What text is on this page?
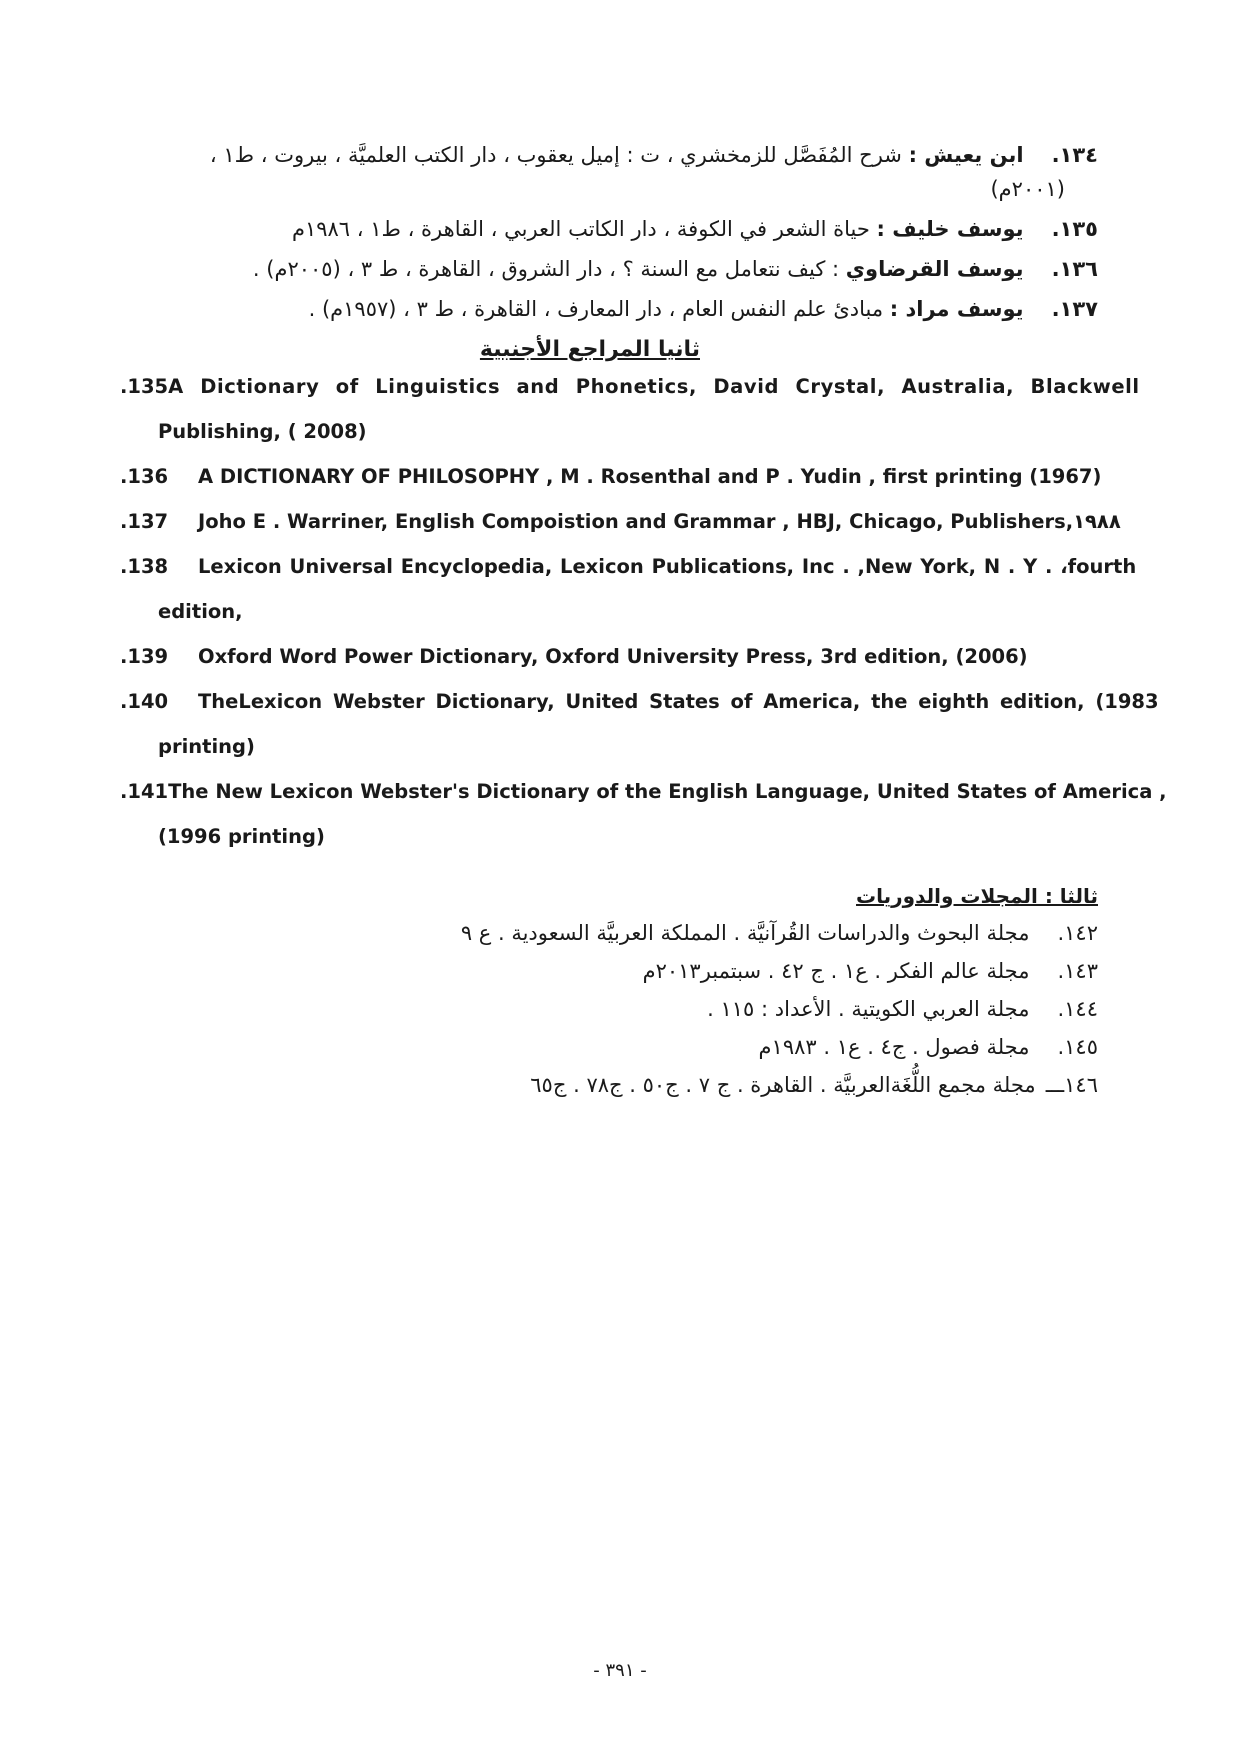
١٣٤.ابن يعيش : شرح المُفَصَّل للزمخشري ، ت : إميل يعقوب ، دار الكتب العلميَّة ، بيروت ، ط١ ،
(٢٠٠١م)
١٣٥.يوسف خليف : حياة الشعر في الكوفة ، دار الكاتب العربي ، القاهرة ، ط١ ، ١٩٨٦م
١٣٦.يوسف القرضاوي : كيف نتعامل مع السنة ؟ ، دار الشروق ، القاهرة ، ط ٣ ، (٢٠٠٥م) .
١٣٧.يوسف مراد : مبادئ علم النفس العام ، دار المعارف ، القاهرة ، ط ٣ ، (١٩٥٧م) .
ثانيا المراجع الأجنبية
.135 A Dictionary of Linguistics and Phonetics, David Crystal, Australia, Blackwell
Publishing, ( 2008)
.136 A DICTIONARY OF PHILOSOPHY , M . Rosenthal and P . Yudin , first printing (1967)
.137 Joho E . Warriner, English Compoistion and Grammar , HBJ, Chicago, Publishers,١٩٨٨
.138 Lexicon Universal Encyclopedia, Lexicon Publications, Inc . ,New York, N . Y . ،fourth
edition,
.139 Oxford Word Power Dictionary, Oxford University Press, 3rd edition, (2006)
.140 TheLexicon Webster Dictionary, United States of America, the eighth edition, (1983
printing)
.141The New Lexicon Webster's Dictionary of the English Language, United States of America ,
(1996 printing)
ثالثا : المجلات والدوريات
١٤٢.مجلة البحوث والدراسات القُرآنيَّة . المملكة العربيَّة السعودية . ع ٩
١٤٣.مجلة عالم الفكر . ع١ . ج ٤٢ . سبتمبر٢٠١٣م
١٤٤.مجلة العربي الكويتية . الأعداد : ١١٥ .
١٤٥.مجلة فصول . ج٤ . ع١ . ١٩٨٣م
١٤٦ـــمجلة مجمع اللُّغَةالعربيَّة . القاهرة . ج ٧ . ج٥٠ . ج٧٨ . ج٦٥
- ٣٩١ -
